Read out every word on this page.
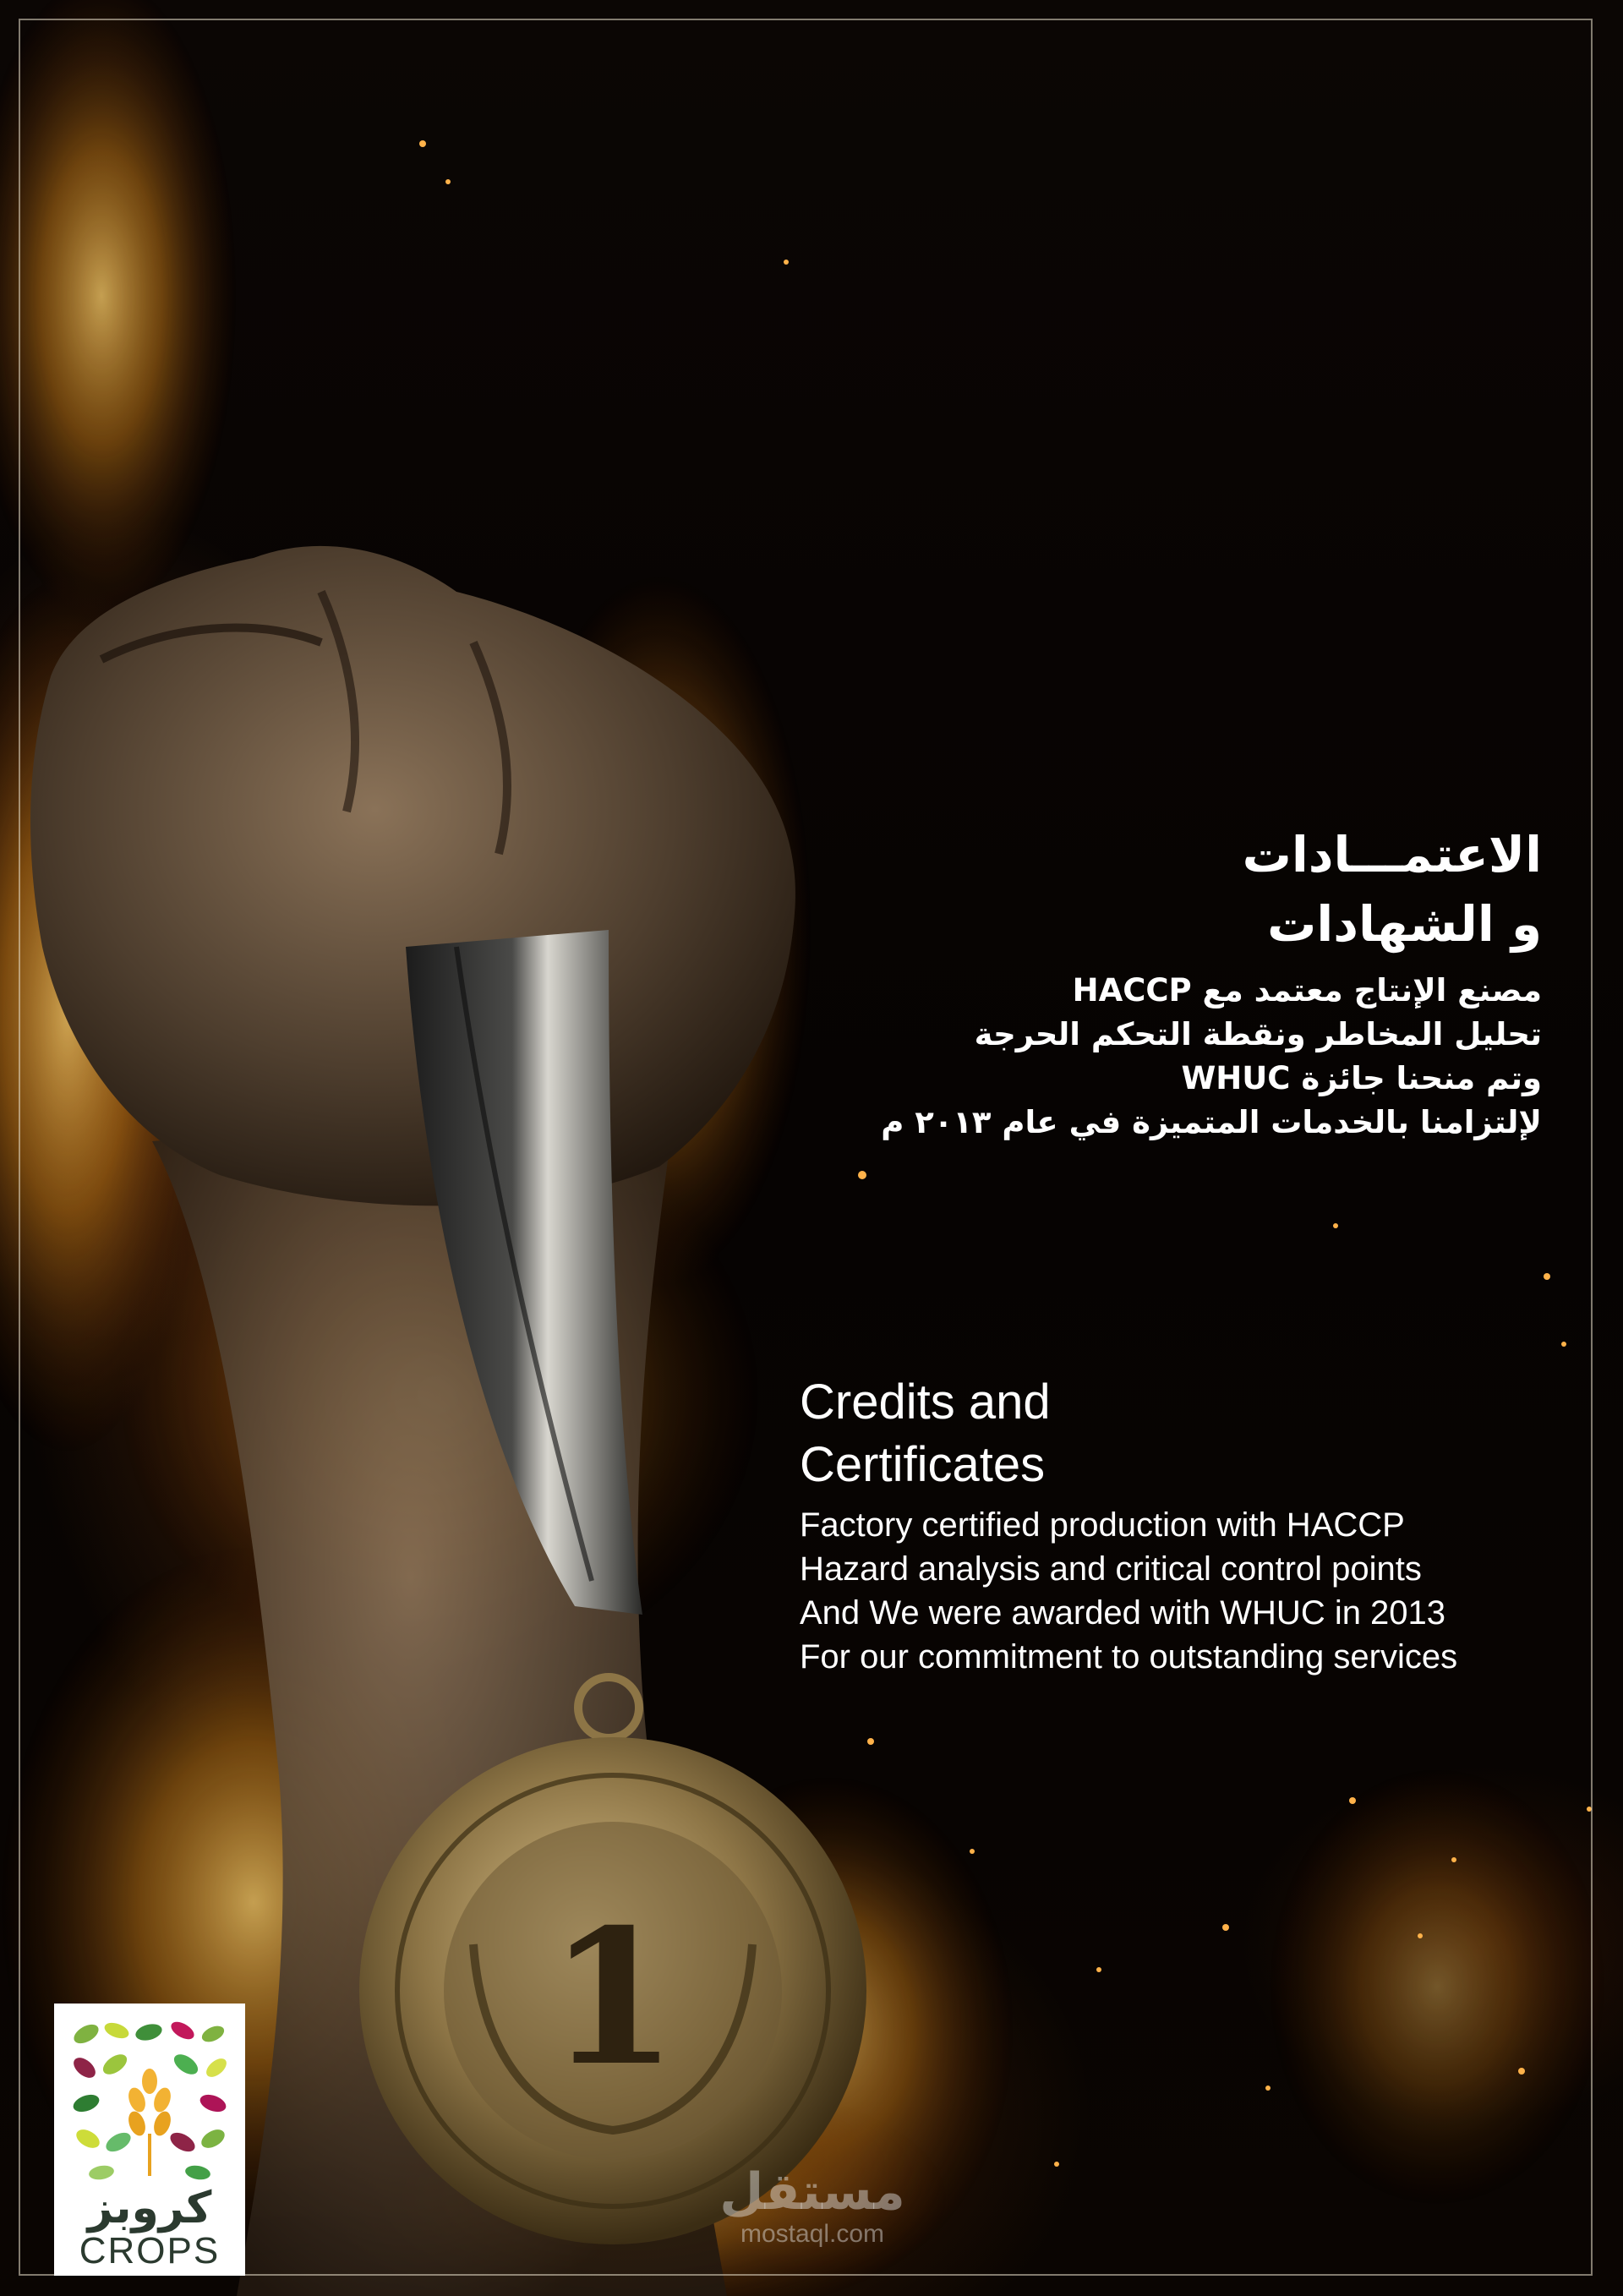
1
الاعتمـــادات
و الشهادات
مصنع الإنتاج معتمد مع HACCP
تحليل المخاطر ونقطة التحكم الحرجة
وتم منحنا جائزة WHUC
لإلتزامنا بالخدمات المتميزة في عام ٢٠١٣ م
Credits and
Certificates
Factory certified production with HACCP
Hazard analysis and critical control points
And We were awarded with WHUC in 2013
For our commitment to outstanding services
كروبز
CROPS
مستقل
mostaql.com
